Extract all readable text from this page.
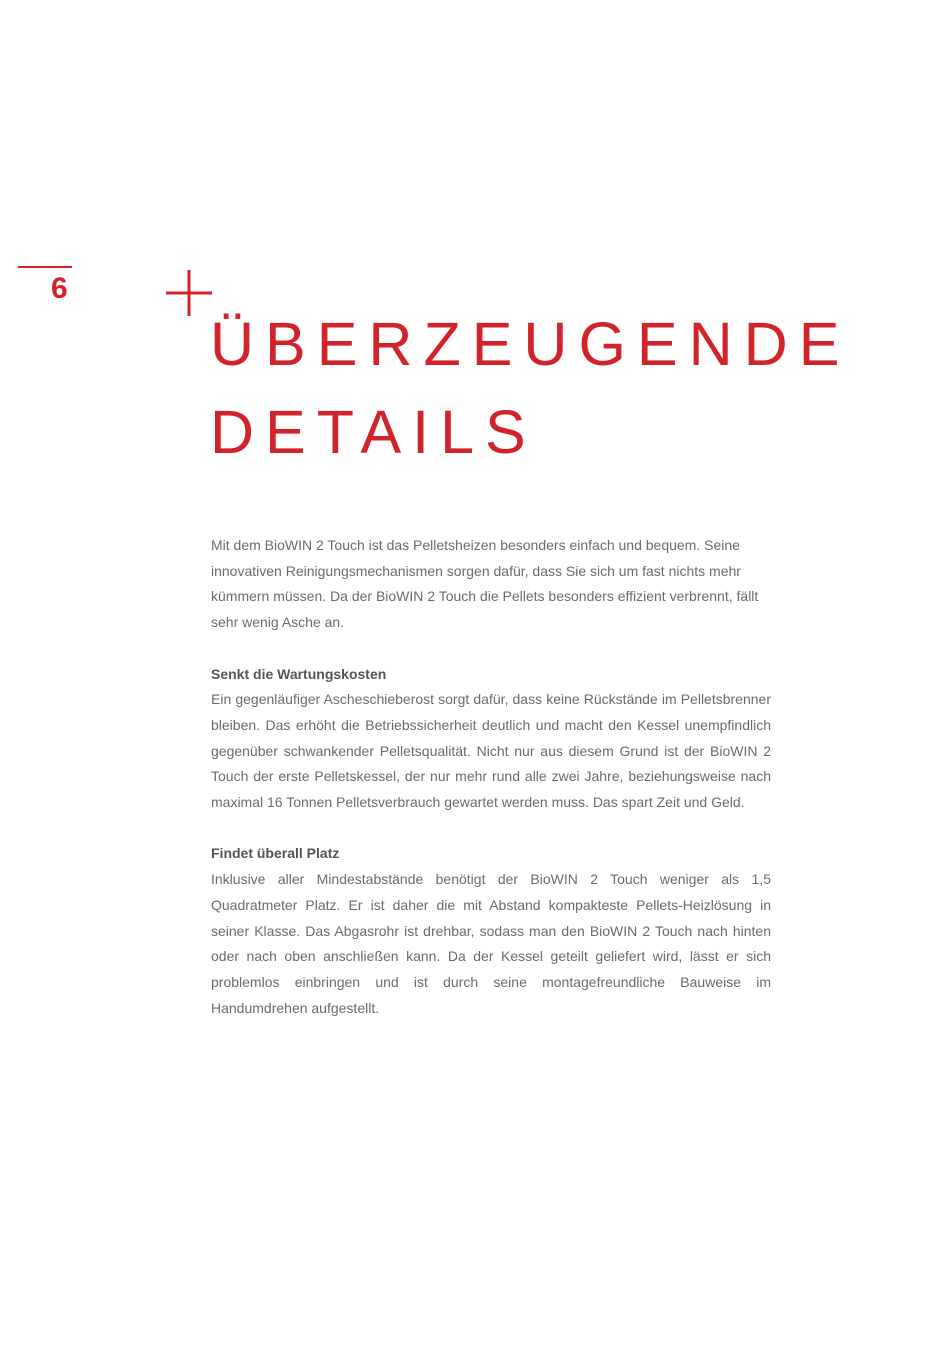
6
ÜBERZEUGENDE
DETAILS

Mit dem BioWIN 2 Touch ist das Pelletsheizen besonders einfach und bequem. Seine innovativen Reinigungsmechanismen sorgen dafür, dass Sie sich um fast nichts mehr kümmern müssen. Da der BioWIN 2 Touch die Pellets besonders effizient verbrennt, fällt sehr wenig Asche an.

Senkt die Wartungskosten

Ein gegenläufiger Ascheschieberost sorgt dafür, dass keine Rückstände im Pelletsbrenner bleiben. Das erhöht die Betriebssicherheit deutlich und macht den Kessel unempfindlich gegenüber schwankender Pelletsqualität. Nicht nur aus diesem Grund ist der BioWIN 2 Touch der erste Pelletskessel, der nur mehr rund alle zwei Jahre, beziehungsweise nach maximal 16 Tonnen Pelletsverbrauch gewartet werden muss. Das spart Zeit und Geld.

Findet überall Platz

Inklusive aller Mindestabstände benötigt der BioWIN 2 Touch weniger als 1,5 Quadratmeter Platz. Er ist daher die mit Abstand kompakteste Pellets-Heizlösung in seiner Klasse. Das Abgasrohr ist drehbar, sodass man den BioWIN 2 Touch nach hinten oder nach oben anschließen kann. Da der Kessel geteilt geliefert wird, lässt er sich problemlos einbringen und ist durch seine montagefreundliche Bauweise im Handumdrehen aufgestellt.
